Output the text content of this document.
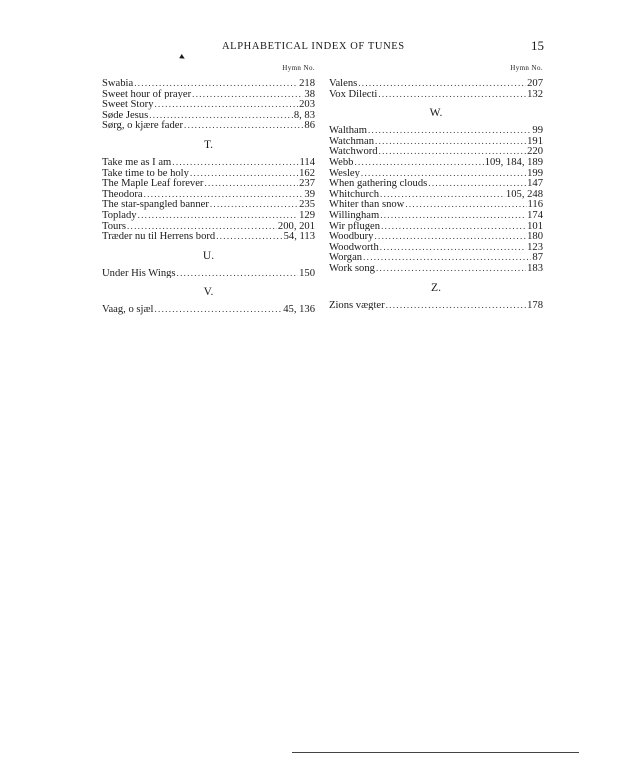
▸
ALPHABETICAL INDEX OF TUNES	15
Hymn No.
Swabia .....	218
Sweet hour of prayer .....	38
Sweet Story .....	203
Søde Jesus .....	8, 83
Sørg, o kjære fader .....	86
T.
Take me as I am .....	114
Take time to be holy .....	162
The Maple Leaf forever .....	237
Theodora .....	39
The star-spangled banner .....	235
Toplady .....	129
Tours .....	200, 201
Træder nu til Herrens bord .....	54, 113
U.
Under His Wings .....	150
V.
Vaag, o sjæl .....	45, 136
Hymn No.
Valens .....	207
Vox Dilecti .....	132
W.
Waltham .....	99
Watchman .....	191
Watchword .....	220
Webb .....	109, 184, 189
Wesley .....	199
When gathering clouds .....	147
Whitchurch .....	105, 248
Whiter than snow .....	116
Willingham .....	174
Wir pflugen .....	101
Woodbury .....	180
Woodworth .....	123
Worgan .....	87
Work song .....	183
Z.
Zions vægter .....	178
